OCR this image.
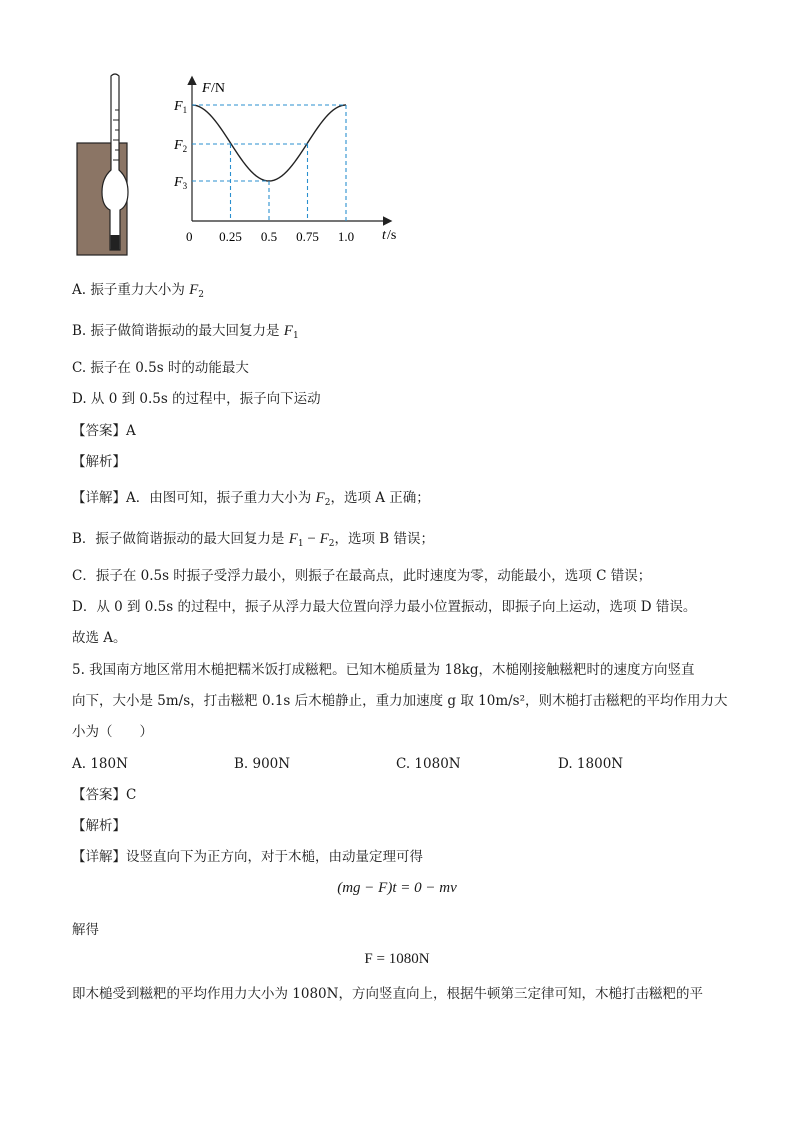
$F_1$
$F_2$
$F_3$
0.25 0.5 0.75 1.0
F /N
t /s
0
A. 振子重力大小为 $F_2$
B. 振子做简谐振动的最大回复力是 $F_1$
C. 振子在 0.5s 时的动能最大
D. 从 0 到 0.5s 的过程中，振子向下运动
【答案】A
【解析】
【详解】A．由图可知，振子重力大小为 $F_2$，选项 A 正确；
B．振子做简谐振动的最大回复力是 $F_1 - F_2$，选项 B 错误；
C．振子在 0.5s 时振子受浮力最小，则振子在最高点，此时速度为零，动能最小，选项 C 错误；
D．从 0 到 0.5s 的过程中，振子从浮力最大位置向浮力最小位置振动，即振子向上运动，选项 D 错误。
故选 A。
5. 我国南方地区常用木槌把糯米饭打成糍粑。已知木槌质量为 18kg，木槌刚接触糍粑时的速度方向竖直
向下，大小是 5m/s，打击糍粑 0.1s 后木槌静止，重力加速度 g 取 10m/s²，则木槌打击糍粑的平均作用力大
小为（　　）
A. 180N	B. 900N	C. 1080N	D. 1800N
【答案】C
【解析】
【详解】设竖直向下为正方向，对于木槌，由动量定理可得
(mg − F)t = 0 − mv
解得
F = 1080N
即木槌受到糍粑的平均作用力大小为 1080N，方向竖直向上，根据牛顿第三定律可知，木槌打击糍粑的平
